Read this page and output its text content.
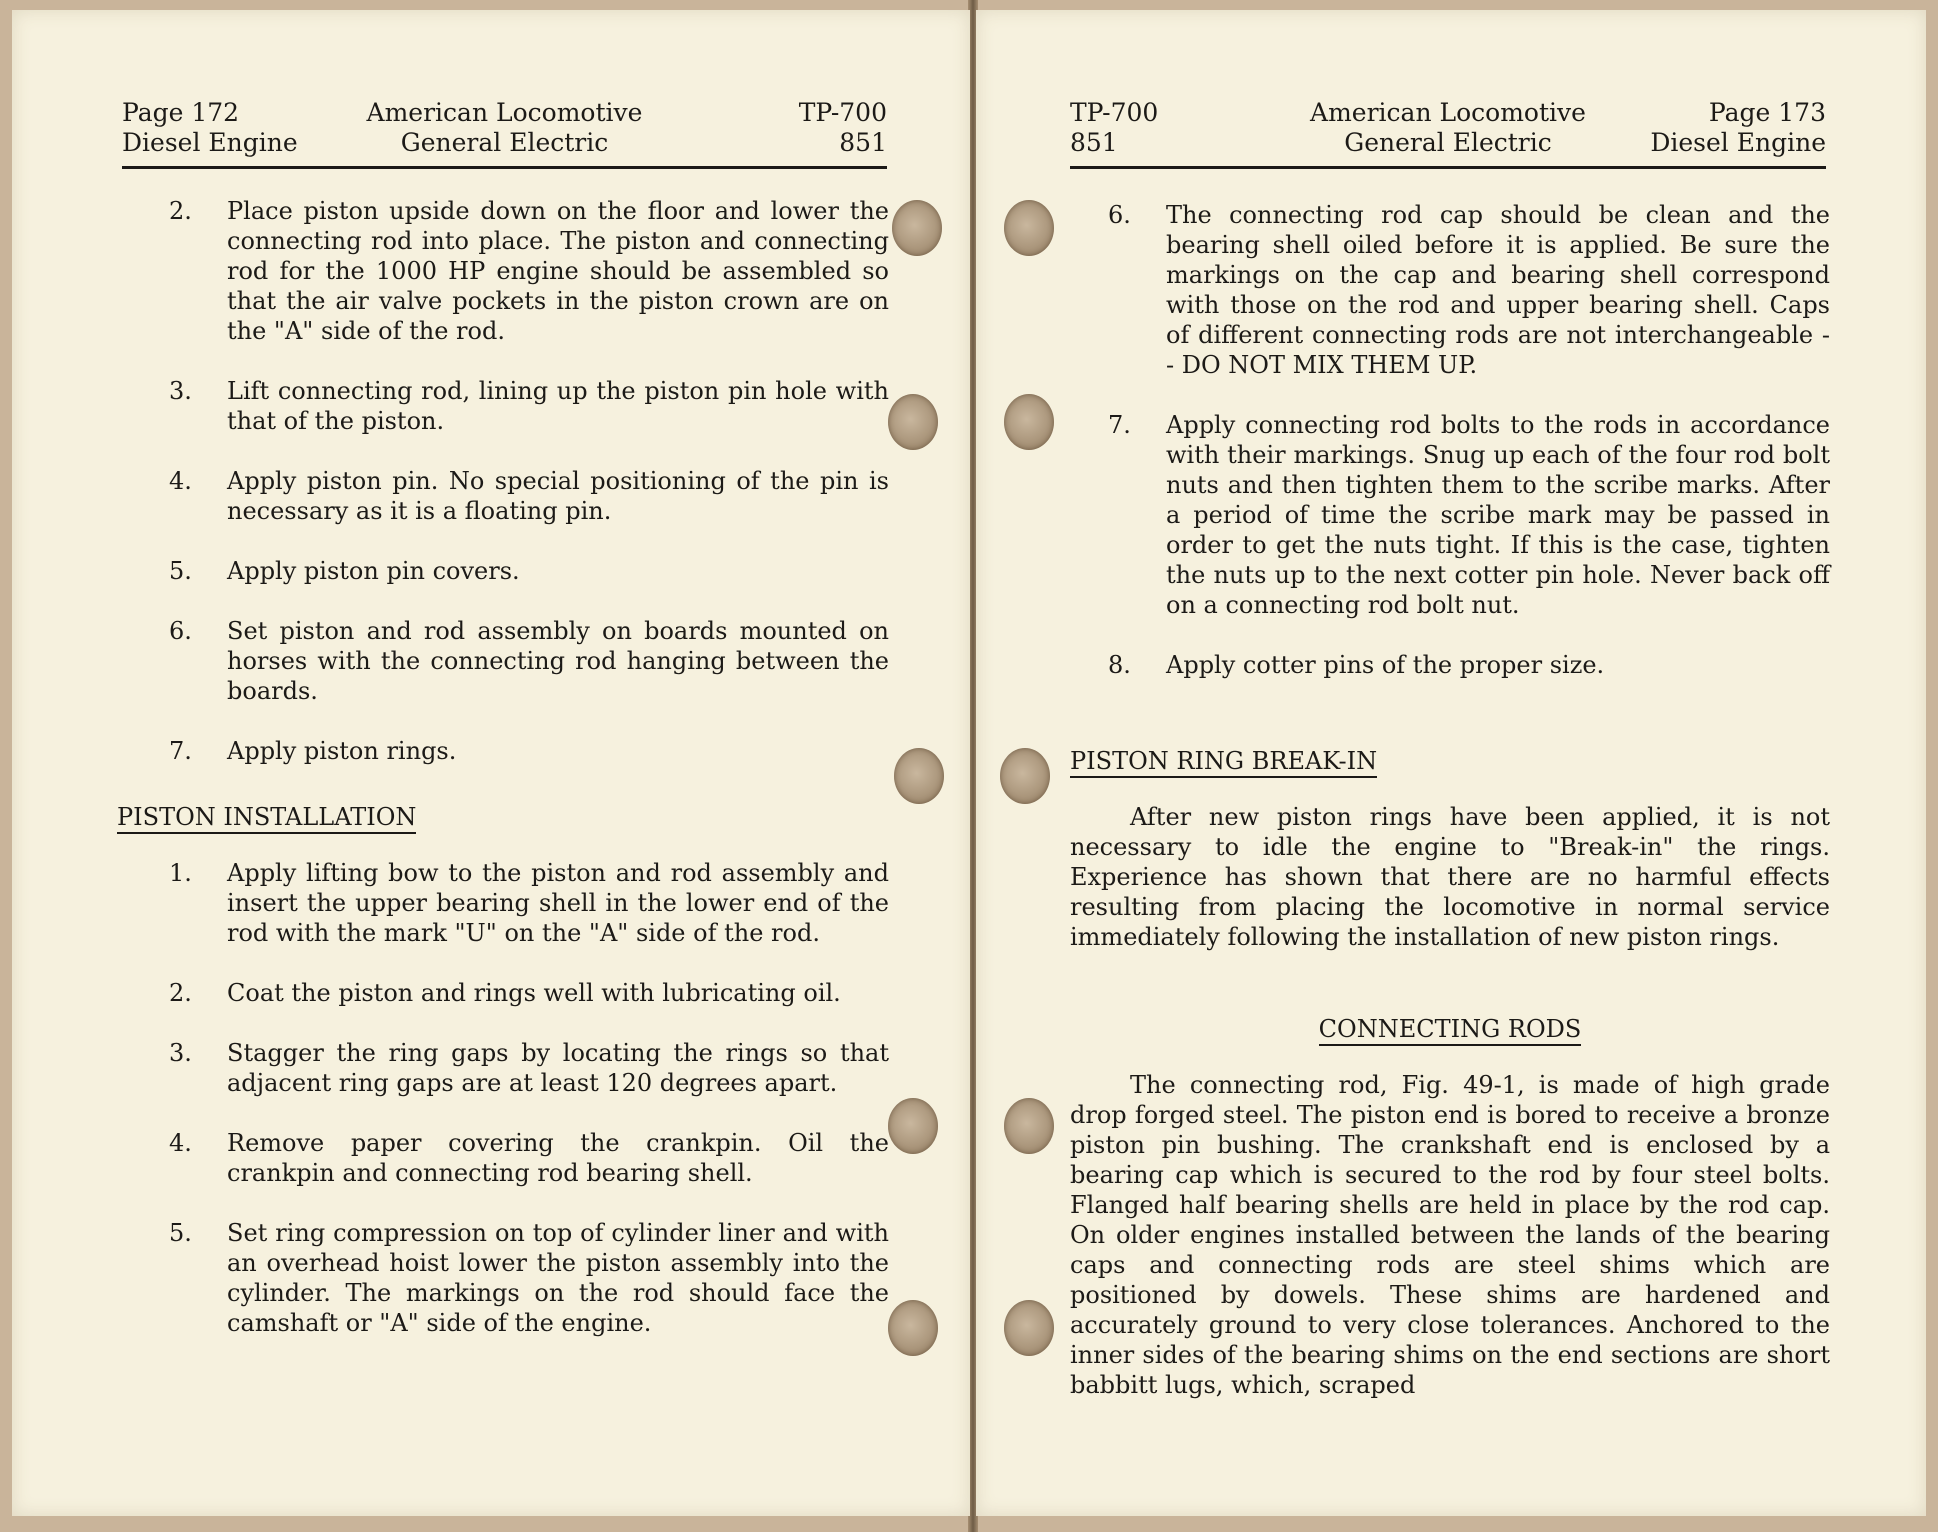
Page 172
Diesel Engine
American Locomotive
General Electric
TP-700
851
2.	Place piston upside down on the floor and lower the connecting rod into place. The piston and connecting rod for the 1000 HP engine should be assembled so that the air valve pockets in the piston crown are on the "A" side of the rod.
3.	Lift connecting rod, lining up the piston pin hole with that of the piston.
4.	Apply piston pin. No special positioning of the pin is necessary as it is a floating pin.
5.	Apply piston pin covers.
6.	Set piston and rod assembly on boards mounted on horses with the connecting rod hanging between the boards.
7.	Apply piston rings.
PISTON INSTALLATION
1.	Apply lifting bow to the piston and rod assembly and insert the upper bearing shell in the lower end of the rod with the mark "U" on the "A" side of the rod.
2.	Coat the piston and rings well with lubricating oil.
3.	Stagger the ring gaps by locating the rings so that adjacent ring gaps are at least 120 degrees apart.
4.	Remove paper covering the crankpin. Oil the crankpin and connecting rod bearing shell.
5.	Set ring compression on top of cylinder liner and with an overhead hoist lower the piston assembly into the cylinder. The markings on the rod should face the camshaft or "A" side of the engine.
TP-700
851
American Locomotive
General Electric
Page 173
Diesel Engine
6.	The connecting rod cap should be clean and the bearing shell oiled before it is applied. Be sure the markings on the cap and bearing shell correspond with those on the rod and upper bearing shell. Caps of different connecting rods are not interchangeable - - DO NOT MIX THEM UP.
7.	Apply connecting rod bolts to the rods in accordance with their markings. Snug up each of the four rod bolt nuts and then tighten them to the scribe marks. After a period of time the scribe mark may be passed in order to get the nuts tight. If this is the case, tighten the nuts up to the next cotter pin hole. Never back off on a connecting rod bolt nut.
8.	Apply cotter pins of the proper size.
PISTON RING BREAK-IN
After new piston rings have been applied, it is not necessary to idle the engine to "Break-in" the rings. Experience has shown that there are no harmful effects resulting from placing the locomotive in normal service immediately following the installation of new piston rings.
CONNECTING RODS
The connecting rod, Fig. 49-1, is made of high grade drop forged steel. The piston end is bored to receive a bronze piston pin bushing. The crankshaft end is enclosed by a bearing cap which is secured to the rod by four steel bolts. Flanged half bearing shells are held in place by the rod cap. On older engines installed between the lands of the bearing caps and connecting rods are steel shims which are positioned by dowels. These shims are hardened and accurately ground to very close tolerances. Anchored to the inner sides of the bearing shims on the end sections are short babbitt lugs, which, scraped
